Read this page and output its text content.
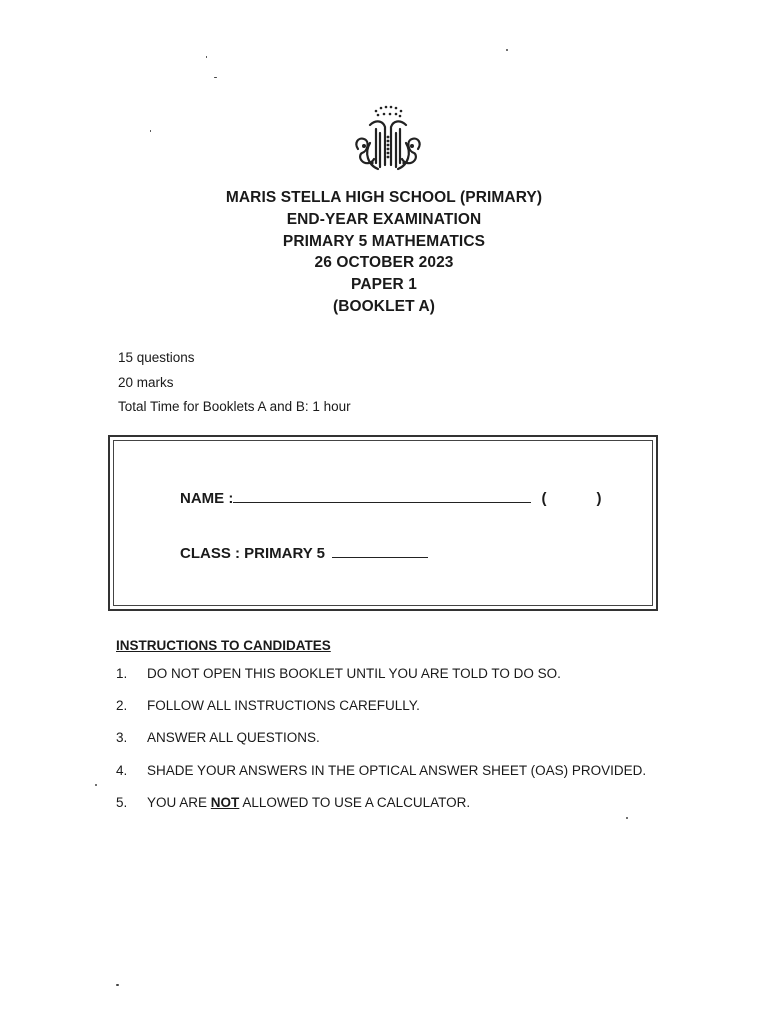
MARIS STELLA HIGH SCHOOL (PRIMARY)
END-YEAR EXAMINATION
PRIMARY 5 MATHEMATICS
26 OCTOBER 2023
PAPER 1
(BOOKLET A)
15 questions
20 marks
Total Time for Booklets A and B: 1 hour
NAME :	(	)
CLASS : PRIMARY 5
INSTRUCTIONS TO CANDIDATES
1.	DO NOT OPEN THIS BOOKLET UNTIL YOU ARE TOLD TO DO SO.
2.	FOLLOW ALL INSTRUCTIONS CAREFULLY.
3.	ANSWER ALL QUESTIONS.
4.	SHADE YOUR ANSWERS IN THE OPTICAL ANSWER SHEET (OAS) PROVIDED.
5.	YOU ARE NOT ALLOWED TO USE A CALCULATOR.
